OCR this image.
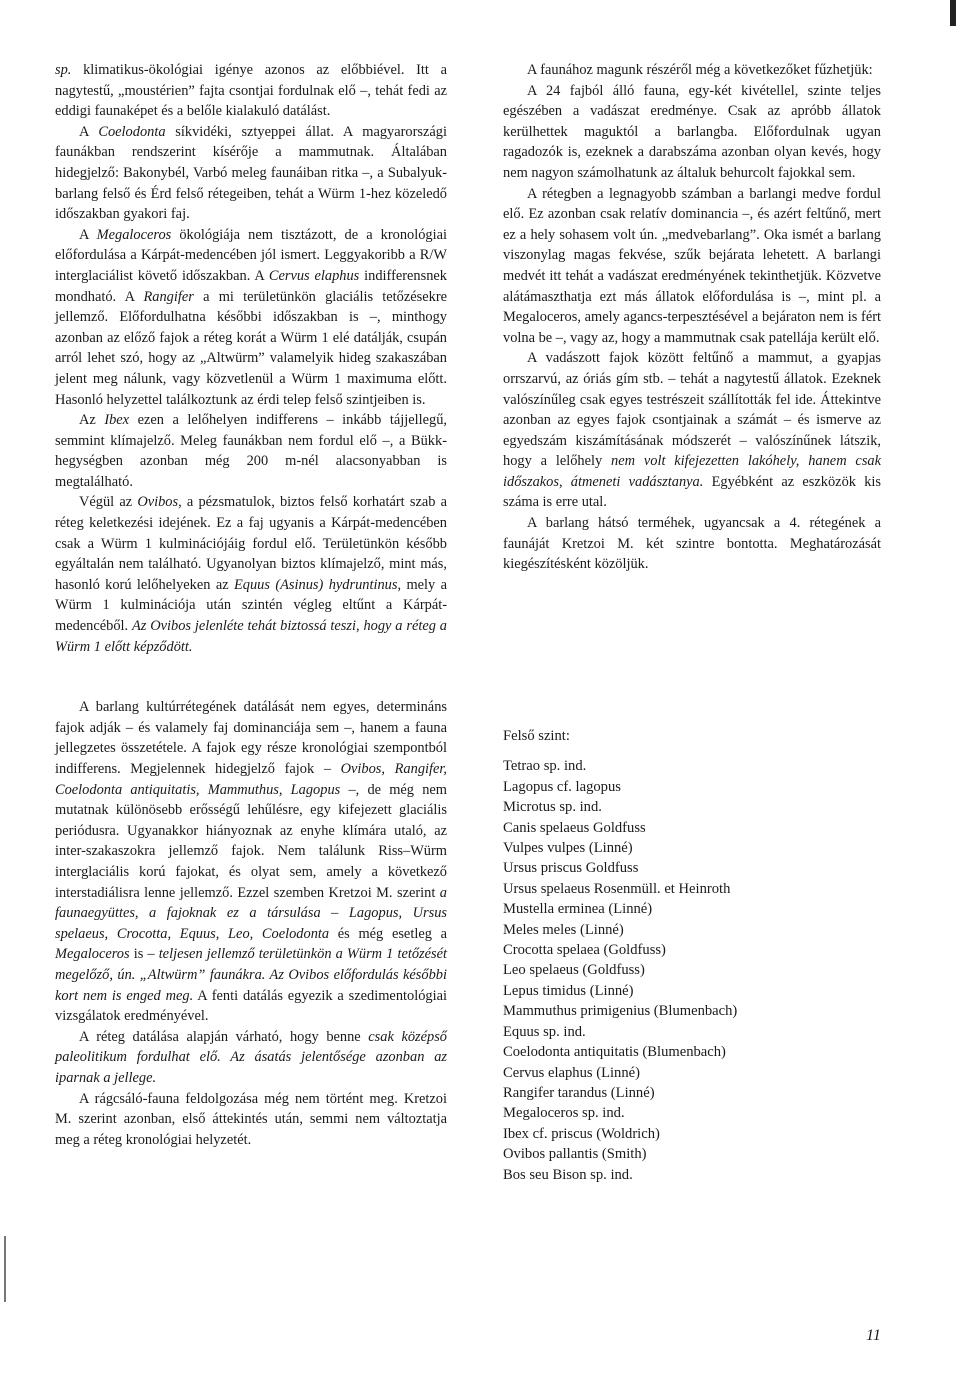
sp. klimatikus-ökológiai igénye azonos az előbbiével. Itt a nagytestű, „moustérien” fajta csontjai fordulnak elő –, tehát fedi az eddigi faunaképet és a belőle kialakuló datálást.

A Coelodonta síkvidéki, sztyeppei állat. A magyarországi faunákban rendszerint kísérője a mammutnak. Általában hidegjelző: Bakonybél, Varbó meleg faunáiban ritka –, a Subalyuk-barlang felső és Érd felső rétegeiben, tehát a Würm 1-hez közeledő időszakban gyakori faj.

A Megaloceros ökológiája nem tisztázott, de a kronológiai előfordulása a Kárpát-medencében jól ismert. Leggyakoribb a R/W interglaciálist követő időszakban. A Cervus elaphus indifferensnek mondható. A Rangifer a mi területünkön glaciális tetőzésekre jellemző. Előfordulhatna későbbi időszakban is –, minthogy azonban az előző fajok a réteg korát a Würm 1 elé datálják, csupán arról lehet szó, hogy az „Altwürm” valamelyik hideg szakaszában jelent meg nálunk, vagy közvetlenül a Würm 1 maximuma előtt. Hasonló helyzettel találkoztunk az érdi telep felső szintjeiben is.

Az Ibex ezen a lelőhelyen indifferens – inkább tájjellegű, semmint klímajelző. Meleg faunákban nem fordul elő –, a Bükk-hegységben azonban még 200 m-nél alacsonyabban is megtalálható.

Végül az Ovibos, a pézsmatulok, biztos felső korhatárt szab a réteg keletkezési idejének. Ez a faj ugyanis a Kárpát-medencében csak a Würm 1 kulminációjáig fordul elő. Területünkön később egyáltalán nem található. Ugyanolyan biztos klímajelző, mint más, hasonló korú lelőhelyeken az Equus (Asinus) hydruntinus, mely a Würm 1 kulminációja után szintén végleg eltűnt a Kárpát-medencéből. Az Ovibos jelenléte tehát biztossá teszi, hogy a réteg a Würm 1 előtt képződött.

A barlang kultúrrétegének datálását nem egyes, determináns fajok adják – és valamely faj dominanciája sem –, hanem a fauna jellegzetes összetétele. A fajok egy része kronológiai szempontból indifferens. Megjelennek hidegjelző fajok – Ovibos, Rangifer, Coelodonta antiquitatis, Mammuthus, Lagopus –, de még nem mutatnak különösebb erősségű lehűlésre, egy kifejezett glaciális periódusra. Ugyanakkor hiányoznak az enyhe klímára utaló, az inter-szakaszokra jellemző fajok. Nem találunk Riss–Würm interglaciális korú fajokat, és olyat sem, amely a következő interstadiálisra lenne jellemző. Ezzel szemben Kretzoi M. szerint a faunaegyüttes, a fajoknak ez a társulása – Lagopus, Ursus spelaeus, Crocotta, Equus, Leo, Coelodonta és még esetleg a Megaloceros is – teljesen jellemző területünkön a Würm 1 tetőzését megelőző, ún. „Altwürm” faunákra. Az Ovibos előfordulás későbbi kort nem is enged meg. A fenti datálás egyezik a szedimentológiai vizsgálatok eredményével.

A réteg datálása alapján várható, hogy benne csak középső paleolitikum fordulhat elő. Az ásatás jelentősége azonban az iparnak a jellege.

A rágcsáló-fauna feldolgozása még nem történt meg. Kretzoi M. szerint azonban, első áttekintés után, semmi nem változtatja meg a réteg kronológiai helyzetét.

A faunához magunk részéről még a következőket fűzhetjük:

A 24 fajból álló fauna, egy-két kivétellel, szinte teljes egészében a vadászat eredménye. Csak az apróbb állatok kerülhettek maguktól a barlangba. Előfordulnak ugyan ragadozók is, ezeknek a darabszáma azonban olyan kevés, hogy nem nagyon számolhatunk az általuk behurcolt fajokkal sem.

A rétegben a legnagyobb számban a barlangi medve fordul elő. Ez azonban csak relatív dominancia –, és azért feltűnő, mert ez a hely sohasem volt ún. „medvebarlang”. Oka ismét a barlang viszonylag magas fekvése, szűk bejárata lehetett. A barlangi medvét itt tehát a vadászat eredményének tekinthetjük. Közvetve alátámaszthatja ezt más állatok előfordulása is –, mint pl. a Megaloceros, amely agancs-terpesztésével a bejáraton nem is fért volna be –, vagy az, hogy a mammutnak csak patellája került elő.

A vadászott fajok között feltűnő a mammut, a gyapjas orrszarvú, az óriás gím stb. – tehát a nagytestű állatok. Ezeknek valószínűleg csak egyes testrészeit szállították fel ide. Áttekintve azonban az egyes fajok csontjainak a számát – és ismerve az egyedszám kiszámításának módszerét – valószínűnek látszik, hogy a lelőhely nem volt kifejezetten lakóhely, hanem csak időszakos, átmeneti vadásztanya. Egyébként az eszközök kis száma is erre utal.

A barlang hátsó terméhek, ugyancsak a 4. rétegének a faunáját Kretzoi M. két szintre bontotta. Meghatározását kiegészítésként közöljük.

Felső szint:
Tetrao sp. ind.
Lagopus cf. lagopus
Microtus sp. ind.
Canis spelaeus Goldfuss
Vulpes vulpes (Linné)
Ursus priscus Goldfuss
Ursus spelaeus Rosenmüll. et Heinroth
Mustella erminea (Linné)
Meles meles (Linné)
Crocotta spelaea (Goldfuss)
Leo spelaeus (Goldfuss)
Lepus timidus (Linné)
Mammuthus primigenius (Blumenbach)
Equus sp. ind.
Coelodonta antiquitatis (Blumenbach)
Cervus elaphus (Linné)
Rangifer tarandus (Linné)
Megaloceros sp. ind.
Ibex cf. priscus (Woldrich)
Ovibos pallantis (Smith)
Bos seu Bison sp. ind.
11
